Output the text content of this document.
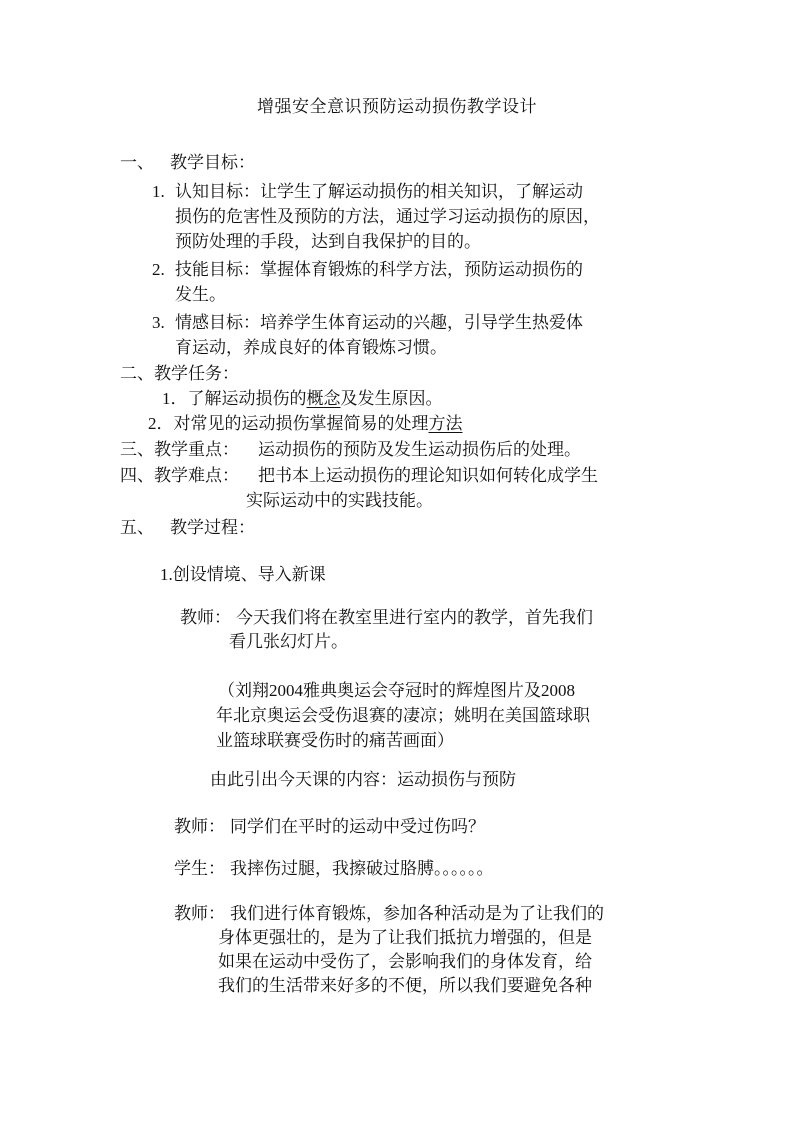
增强安全意识预防运动损伤教学设计
一、 教学目标：
1. 认知目标：让学生了解运动损伤的相关知识，了解运动
损伤的危害性及预防的方法，通过学习运动损伤的原因，
预防处理的手段，达到自我保护的目的。
2. 技能目标：掌握体育锻炼的科学方法，预防运动损伤的
发生。
3. 情感目标：培养学生体育运动的兴趣，引导学生热爱体
育运动，养成良好的体育锻炼习惯。
二、教学任务：
1．了解运动损伤的概念及发生原因。
2．对常见的运动损伤掌握简易的处理方法
三、教学重点： 运动损伤的预防及发生运动损伤后的处理。
四、教学难点： 把书本上运动损伤的理论知识如何转化成学生
实际运动中的实践技能。
五、 教学过程：
1.创设情境、导入新课
教师： 今天我们将在教室里进行室内的教学，首先我们
看几张幻灯片。
（刘翔2004雅典奥运会夺冠时的辉煌图片及2008
年北京奥运会受伤退赛的凄凉；姚明在美国篮球职
业篮球联赛受伤时的痛苦画面）
由此引出今天课的内容：运动损伤与预防
教师： 同学们在平时的运动中受过伤吗？
学生： 我摔伤过腿，我擦破过胳膊。。。。。。
教师： 我们进行体育锻炼，参加各种活动是为了让我们的
身体更强壮的，是为了让我们抵抗力增强的，但是
如果在运动中受伤了，会影响我们的身体发育，给
我们的生活带来好多的不便，所以我们要避免各种
